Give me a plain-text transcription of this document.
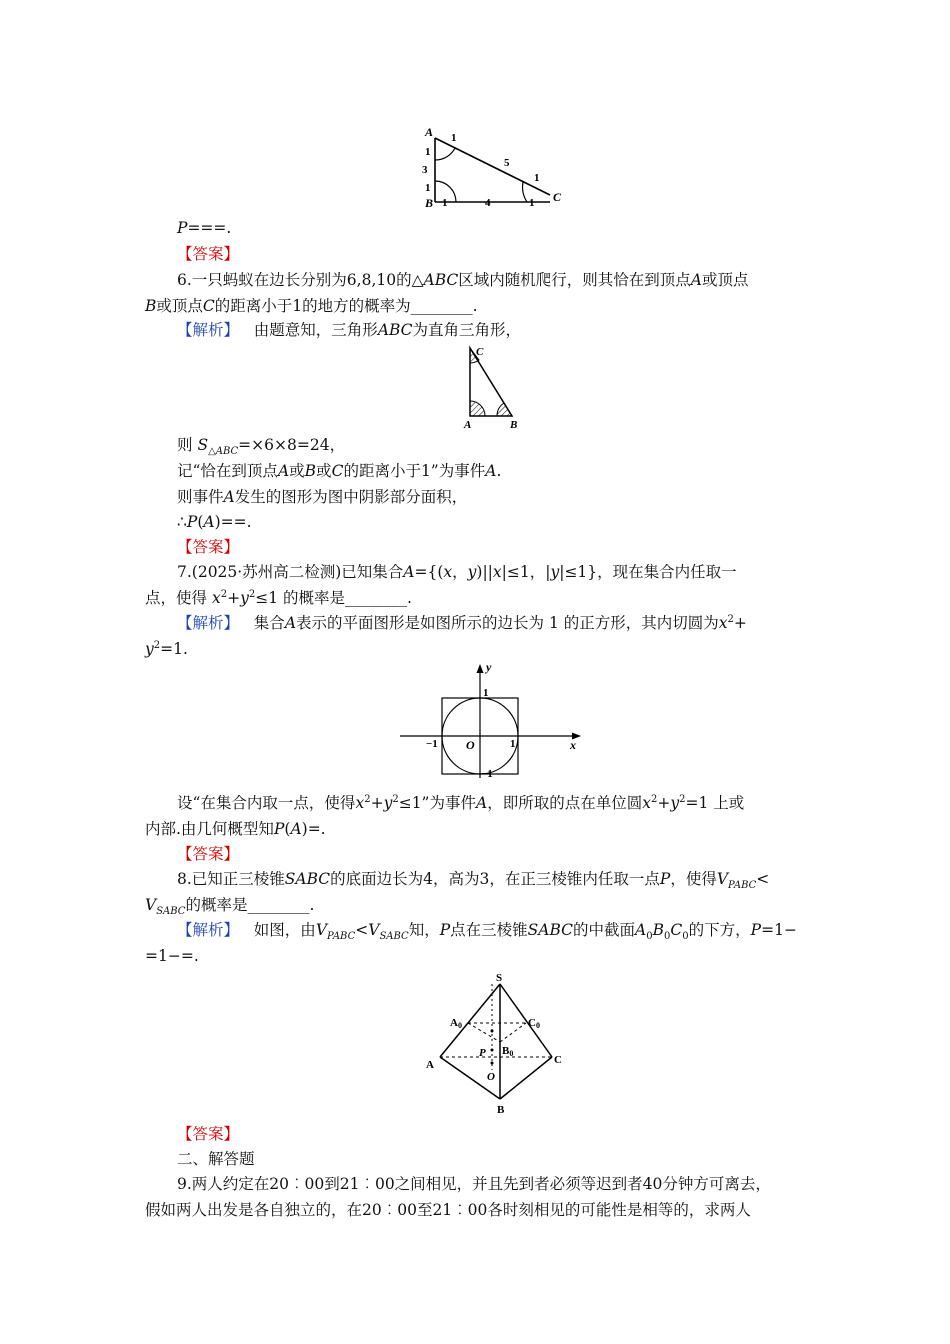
A
B	C
1
1
3
1
5
1
1	4	1
P===.
【答案】
6.一只蚂蚁在边长分别为6,8,10的△ABC区域内随机爬行，则其恰在到顶点A或顶点
B或顶点C的距离小于1的地方的概率为________.
【解析】 由题意知，三角形ABC为直角三角形，
C
A	B
则 $S_{\triangle ABC}=\times 6\times 8=24$，
记“恰在到顶点A或B或C的距离小于1”为事件A.
则事件A发生的图形为图中阴影部分面积，
∴P(A)==.
【答案】
7.(2025·苏州高二检测)已知集合A={(x，y)||x|≤1，|y|≤1}，现在集合内任取一
点，使得 $x^2+y^2\le 1$ 的概率是________.
【解析】 集合A表示的平面图形是如图所示的边长为 1 的正方形，其内切圆为$x^2+$
$y^2=1$.
y
x
O
1
−1
1
−1
设“在集合内取一点，使得$x^2+y^2\le 1$”为事件A，即所取的点在单位圆$x^2+y^2=1$ 上或
内部.由几何概型知P(A)=.
【答案】
8.已知正三棱锥SABC的底面边长为4，高为3，在正三棱锥内任取一点P，使得$V_{PABC}<$
$V_{SABC}$的概率是________.
【解析】 如图，由$V_{PABC}<V_{SABC}$知，P点在三棱锥SABC的中截面$A_0B_0C_0$的下方，P=1−
=1−=.
S
A0	C0
B0
P
O
A	C
B
【答案】
二、解答题
9.两人约定在20︰00到21︰00之间相见，并且先到者必须等迟到者40分钟方可离去，
假如两人出发是各自独立的，在20︰00至21︰00各时刻相见的可能性是相等的，求两人
